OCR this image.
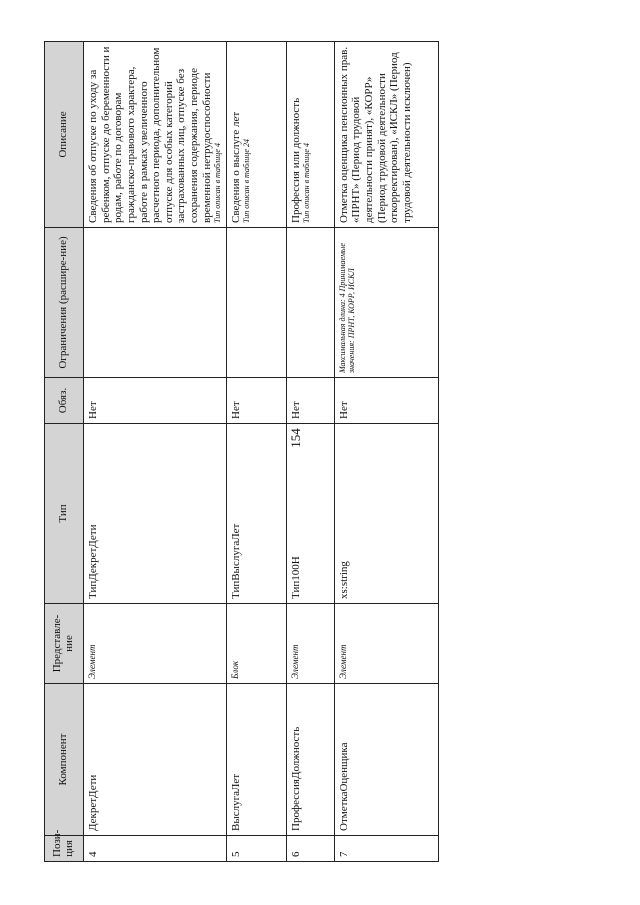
154
Пози-ция	Компонент	Представле-ние	Тип	Обяз.	Ограничения (расшире-ние)	Описание
4	ДекретДети	Элемент	ТипДекретДети	Нет		Сведения об отпуске по уходу за ребенком, отпуске до беременности и родам, работе по договорам гражданско-правового характера, работе в рамках увеличенного расчетного периода, дополнительном отпуске для особых категорий застрахованных лиц, отпуске без сохранения содержания, периоде временной нетрудоспособности Тип описан в таблице 4

5	ВыслугаЛет	Блок	ТипВыслугаЛет	Нет		Сведения о выслуге лет Тип описан в таблице 24

6	ПрофессияДолжность	Элемент	Тип100Н	Нет		Профессия или должность Тип описан в таблице 4

7	ОтметкаОценщика	Элемент	xs:string	Нет	Максимальная длина: 4 Принимаемые значения: ПРНТ, КОРР, ИСКЛ	Отметка оценщика пенсионных прав. «ПРНТ» (Период трудовой деятельности принят), «КОРР» (Период трудовой деятельности откорректирован), «ИСКЛ» (Период трудовой деятельности исключен)
